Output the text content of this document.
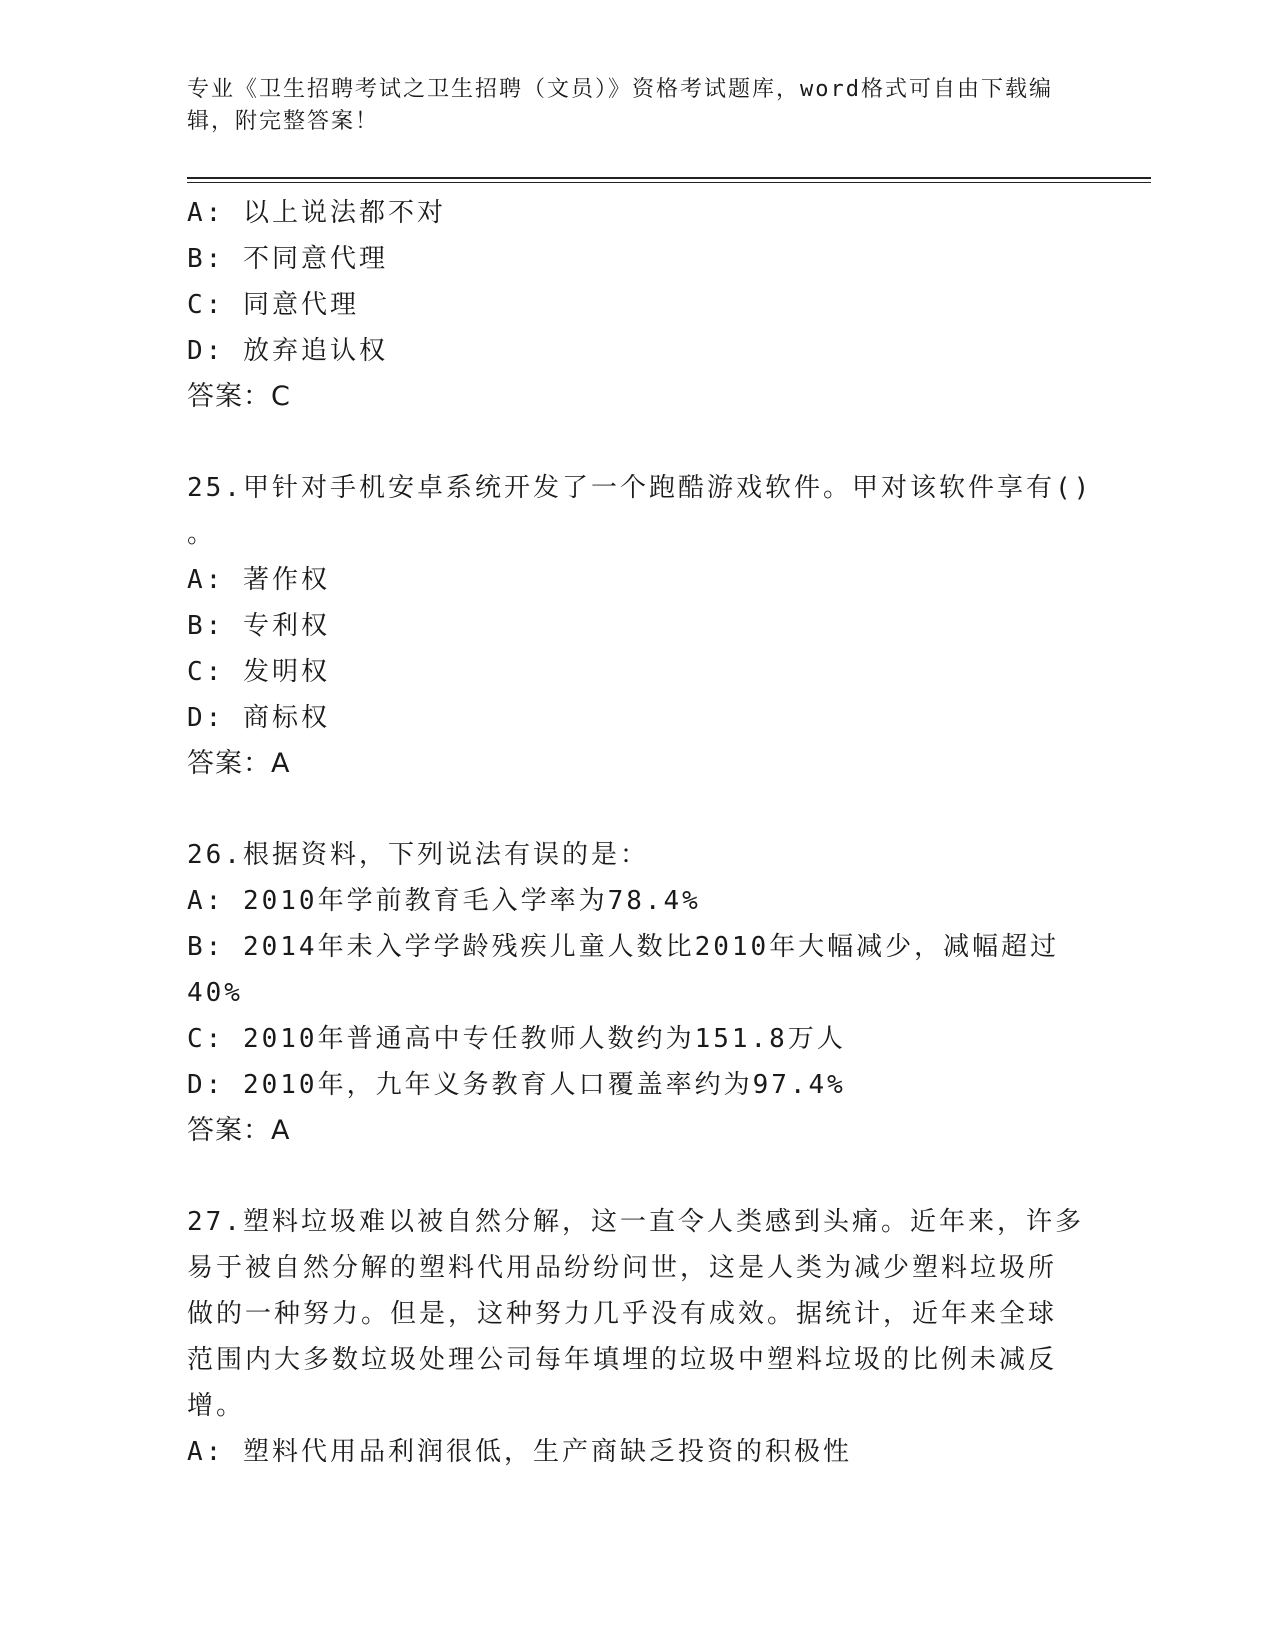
专业《卫生招聘考试之卫生招聘（文员）》资格考试题库，word格式可自由下载编辑，附完整答案！
A: 以上说法都不对
B: 不同意代理
C: 同意代理
D: 放弃追认权
答案：C
25.甲针对手机安卓系统开发了一个跑酷游戏软件。甲对该软件享有()
。
A: 著作权
B: 专利权
C: 发明权
D: 商标权
答案：A
26.根据资料，下列说法有误的是：
A: 2010年学前教育毛入学率为78.4%
B: 2014年未入学学龄残疾儿童人数比2010年大幅减少，减幅超过
40%
C: 2010年普通高中专任教师人数约为151.8万人
D: 2010年，九年义务教育人口覆盖率约为97.4%
答案：A
27.塑料垃圾难以被自然分解，这一直令人类感到头痛。近年来，许多
易于被自然分解的塑料代用品纷纷问世，这是人类为减少塑料垃圾所
做的一种努力。但是，这种努力几乎没有成效。据统计，近年来全球
范围内大多数垃圾处理公司每年填埋的垃圾中塑料垃圾的比例未减反
增。
A: 塑料代用品利润很低，生产商缺乏投资的积极性
